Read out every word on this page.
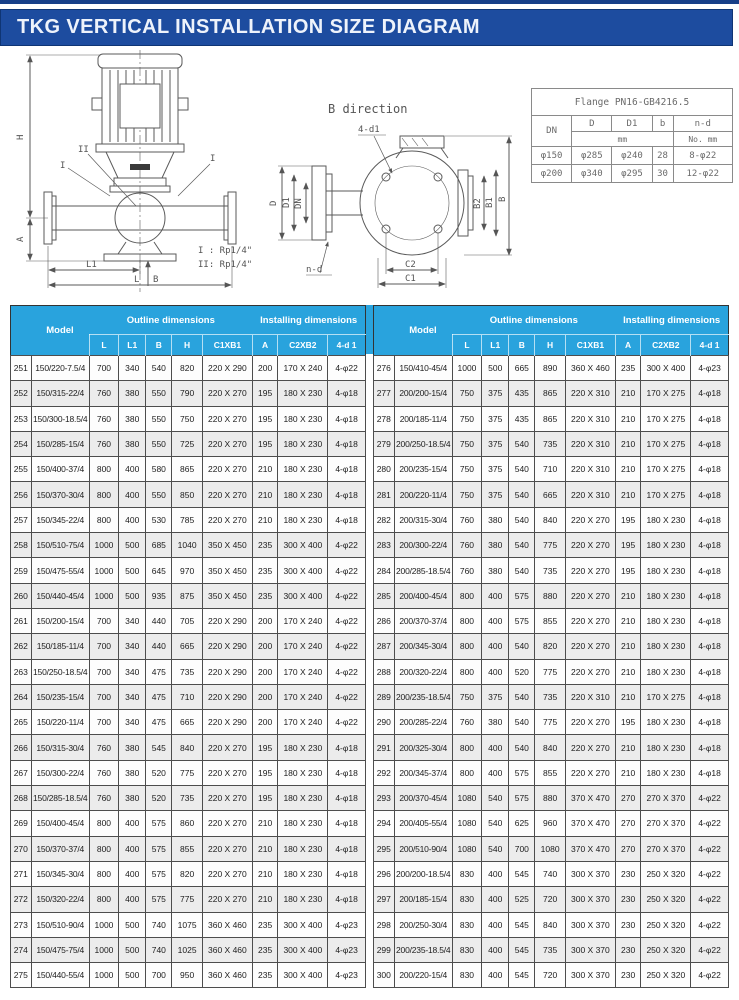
TKG VERTICAL INSTALLATION SIZE DIAGRAM
H
A
L1
L B
I
I
II
B direction
4-d1
D D1 DN
n-d	C2
C1
B2 B1 B
I : Rp1/4"
II: Rp1/4"
Flange PN16-GB4216.5				
DN	D	D1	b	n-d
	mm			No. mm
φ150	φ285	φ240	28	8-φ22
φ200	φ340	φ295	30	12-φ22
	Model	Outline dimensions					Installing dimensions		
		L	L1	B	H	C1XB1	A	C2XB2	4-d 1
251	150/220-7.5/4	700	340	540	820	220 X 290	200	170 X 240	4-φ22
252	150/315-22/4	760	380	550	790	220 X 270	195	180 X 230	4-φ18
253	150/300-18.5/4	760	380	550	750	220 X 270	195	180 X 230	4-φ18
254	150/285-15/4	760	380	550	725	220 X 270	195	180 X 230	4-φ18
255	150/400-37/4	800	400	580	865	220 X 270	210	180 X 230	4-φ18
256	150/370-30/4	800	400	550	850	220 X 270	210	180 X 230	4-φ18
257	150/345-22/4	800	400	530	785	220 X 270	210	180 X 230	4-φ18
258	150/510-75/4	1000	500	685	1040	350 X 450	235	300 X 400	4-φ22
259	150/475-55/4	1000	500	645	970	350 X 450	235	300 X 400	4-φ22
260	150/440-45/4	1000	500	935	875	350 X 450	235	300 X 400	4-φ22
261	150/200-15/4	700	340	440	705	220 X 290	200	170 X 240	4-φ22
262	150/185-11/4	700	340	440	665	220 X 290	200	170 X 240	4-φ22
263	150/250-18.5/4	700	340	475	735	220 X 290	200	170 X 240	4-φ22
264	150/235-15/4	700	340	475	710	220 X 290	200	170 X 240	4-φ22
265	150/220-11/4	700	340	475	665	220 X 290	200	170 X 240	4-φ22
266	150/315-30/4	760	380	545	840	220 X 270	195	180 X 230	4-φ18
267	150/300-22/4	760	380	520	775	220 X 270	195	180 X 230	4-φ18
268	150/285-18.5/4	760	380	520	735	220 X 270	195	180 X 230	4-φ18
269	150/400-45/4	800	400	575	860	220 X 270	210	180 X 230	4-φ18
270	150/370-37/4	800	400	575	855	220 X 270	210	180 X 230	4-φ18
271	150/345-30/4	800	400	575	820	220 X 270	210	180 X 230	4-φ18
272	150/320-22/4	800	400	575	775	220 X 270	210	180 X 230	4-φ18
273	150/510-90/4	1000	500	740	1075	360 X 460	235	300 X 400	4-φ23
274	150/475-75/4	1000	500	740	1025	360 X 460	235	300 X 400	4-φ23
275	150/440-55/4	1000	500	700	950	360 X 460	235	300 X 400	4-φ23
	Model	Outline dimensions					Installing dimensions		
		L	L1	B	H	C1XB1	A	C2XB2	4-d 1
276	150/410-45/4	1000	500	665	890	360 X 460	235	300 X 400	4-φ23
277	200/200-15/4	750	375	435	865	220 X 310	210	170 X 275	4-φ18
278	200/185-11/4	750	375	435	865	220 X 310	210	170 X 275	4-φ18
279	200/250-18.5/4	750	375	540	735	220 X 310	210	170 X 275	4-φ18
280	200/235-15/4	750	375	540	710	220 X 310	210	170 X 275	4-φ18
281	200/220-11/4	750	375	540	665	220 X 310	210	170 X 275	4-φ18
282	200/315-30/4	760	380	540	840	220 X 270	195	180 X 230	4-φ18
283	200/300-22/4	760	380	540	775	220 X 270	195	180 X 230	4-φ18
284	200/285-18.5/4	760	380	540	735	220 X 270	195	180 X 230	4-φ18
285	200/400-45/4	800	400	575	880	220 X 270	210	180 X 230	4-φ18
286	200/370-37/4	800	400	575	855	220 X 270	210	180 X 230	4-φ18
287	200/345-30/4	800	400	540	820	220 X 270	210	180 X 230	4-φ18
288	200/320-22/4	800	400	520	775	220 X 270	210	180 X 230	4-φ18
289	200/235-18.5/4	750	375	540	735	220 X 310	210	170 X 275	4-φ18
290	200/285-22/4	760	380	540	775	220 X 270	195	180 X 230	4-φ18
291	200/325-30/4	800	400	540	840	220 X 270	210	180 X 230	4-φ18
292	200/345-37/4	800	400	575	855	220 X 270	210	180 X 230	4-φ18
293	200/370-45/4	1080	540	575	880	370 X 470	270	270 X 370	4-φ22
294	200/405-55/4	1080	540	625	960	370 X 470	270	270 X 370	4-φ22
295	200/510-90/4	1080	540	700	1080	370 X 470	270	270 X 370	4-φ22
296	200/200-18.5/4	830	400	545	740	300 X 370	230	250 X 320	4-φ22
297	200/185-15/4	830	400	525	720	300 X 370	230	250 X 320	4-φ22
298	200/250-30/4	830	400	545	840	300 X 370	230	250 X 320	4-φ22
299	200/235-18.5/4	830	400	545	735	300 X 370	230	250 X 320	4-φ22
300	200/220-15/4	830	400	545	720	300 X 370	230	250 X 320	4-φ22
